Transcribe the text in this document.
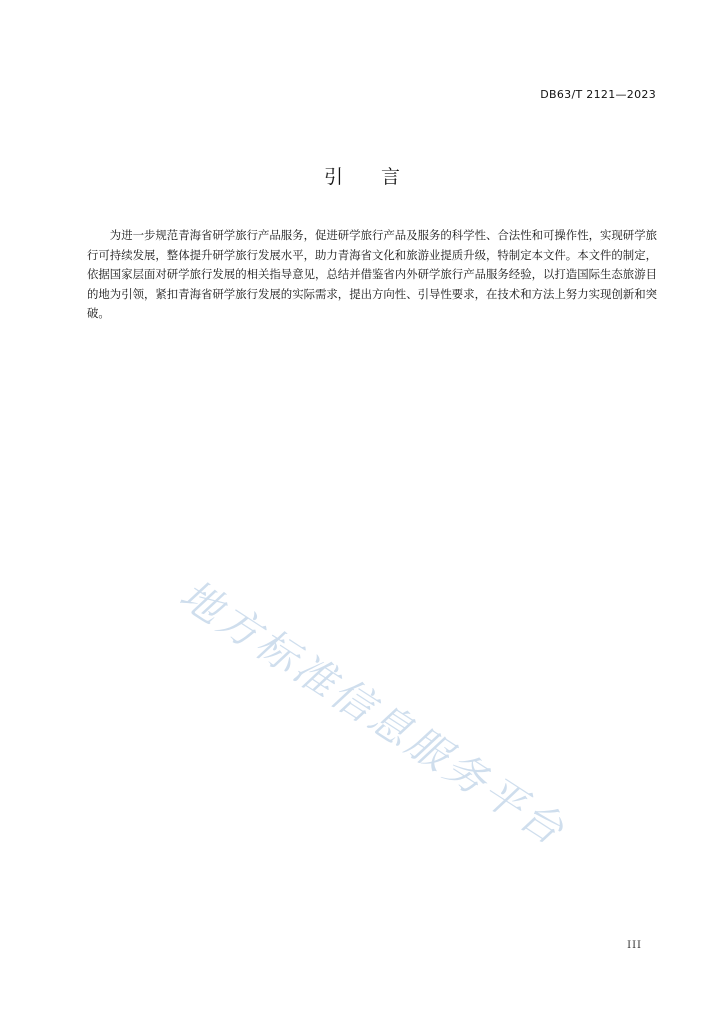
DB63/T 2121—2023
引 言

为进一步规范青海省研学旅行产品服务，促进研学旅行产品及服务的科学性、合法性和可操作性，实现研学旅行可持续发展，整体提升研学旅行发展水平，助力青海省文化和旅游业提质升级，特制定本文件。本文件的制定，依据国家层面对研学旅行发展的相关指导意见，总结并借鉴省内外研学旅行产品服务经验，以打造国际生态旅游目的地为引领，紧扣青海省研学旅行发展的实际需求，提出方向性、引导性要求，在技术和方法上努力实现创新和突破。

地方标准信息服务平台
III
